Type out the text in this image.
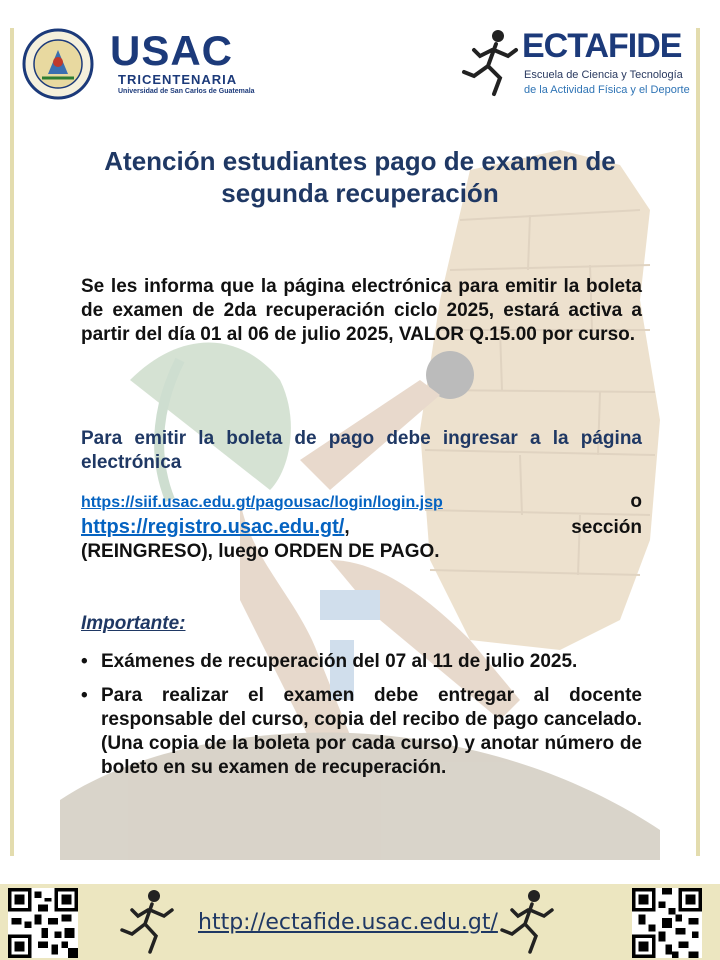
USAC
TRICENTENARIA
Universidad de San Carlos de Guatemala
ECTAFIDE
Escuela de Ciencia y Tecnología
de la Actividad Física y el Deporte
Atención estudiantes pago de examen de segunda recuperación
Se les informa que la página electrónica para emitir la boleta de examen de 2da recuperación ciclo 2025, estará activa a partir del día 01 al 06 de julio 2025, VALOR Q.15.00 por curso.
Para emitir la boleta de pago debe ingresar a la página electrónica
https://siif.usac.edu.gt/pagousac/login/login.jsp	o
https://registro.usac.edu.gt/,	sección
(REINGRESO), luego ORDEN DE PAGO.
Importante:
• Exámenes de recuperación del 07 al 11 de julio 2025.
• Para realizar el examen debe entregar al docente responsable del curso, copia del recibo de pago cancelado. (Una copia de la boleta por cada curso) y anotar número de boleto en su examen de recuperación.
http://ectafide.usac.edu.gt/
